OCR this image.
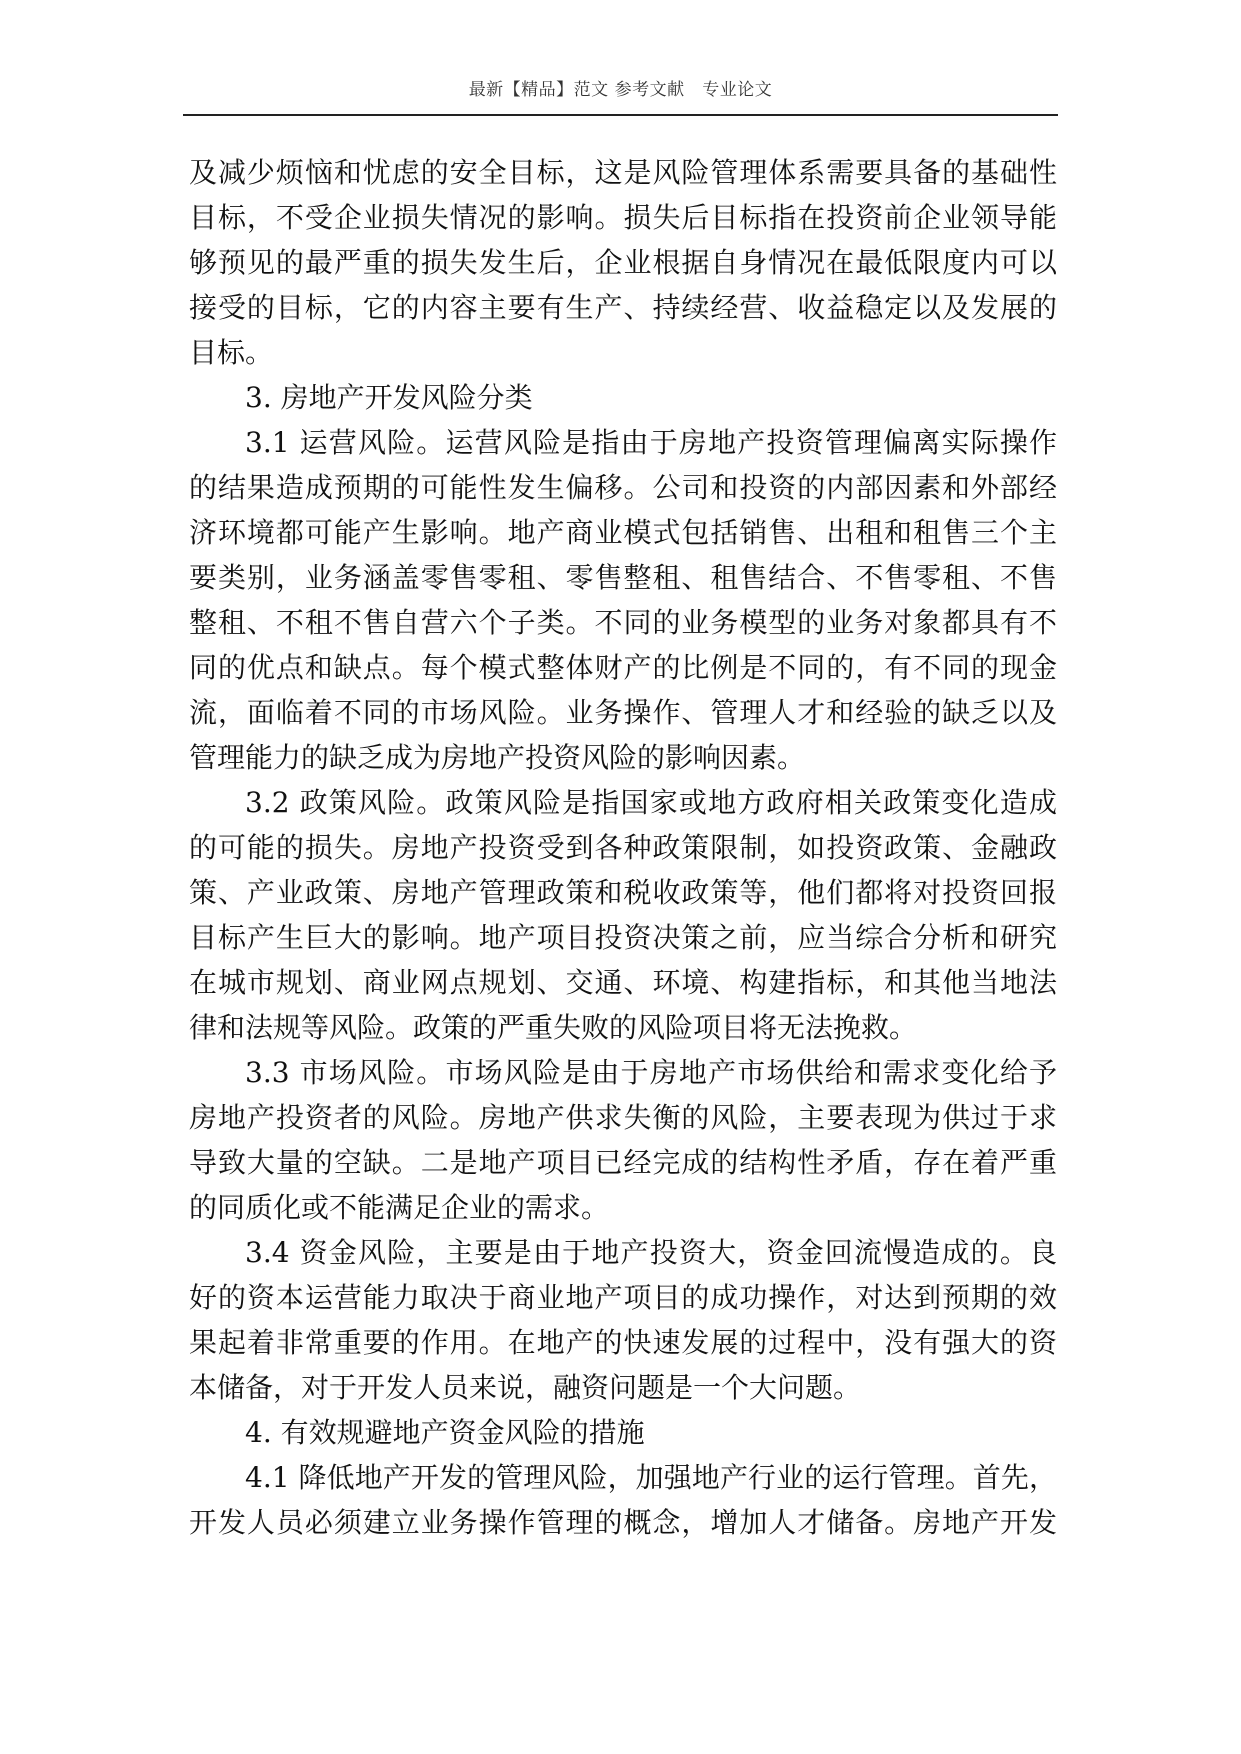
最新【精品】范文 参考文献   专业论文
及减少烦恼和忧虑的安全目标，这是风险管理体系需要具备的基础性
目标，不受企业损失情况的影响。损失后目标指在投资前企业领导能
够预见的最严重的损失发生后，企业根据自身情况在最低限度内可以
接受的目标，它的内容主要有生产、持续经营、收益稳定以及发展的
目标。
3. 房地产开发风险分类
3.1 运营风险。运营风险是指由于房地产投资管理偏离实际操作
的结果造成预期的可能性发生偏移。公司和投资的内部因素和外部经
济环境都可能产生影响。地产商业模式包括销售、出租和租售三个主
要类别，业务涵盖零售零租、零售整租、租售结合、不售零租、不售
整租、不租不售自营六个子类。不同的业务模型的业务对象都具有不
同的优点和缺点。每个模式整体财产的比例是不同的，有不同的现金
流，面临着不同的市场风险。业务操作、管理人才和经验的缺乏以及
管理能力的缺乏成为房地产投资风险的影响因素。
3.2 政策风险。政策风险是指国家或地方政府相关政策变化造成
的可能的损失。房地产投资受到各种政策限制，如投资政策、金融政
策、产业政策、房地产管理政策和税收政策等，他们都将对投资回报
目标产生巨大的影响。地产项目投资决策之前，应当综合分析和研究
在城市规划、商业网点规划、交通、环境、构建指标，和其他当地法
律和法规等风险。政策的严重失败的风险项目将无法挽救。
3.3 市场风险。市场风险是由于房地产市场供给和需求变化给予
房地产投资者的风险。房地产供求失衡的风险，主要表现为供过于求
导致大量的空缺。二是地产项目已经完成的结构性矛盾，存在着严重
的同质化或不能满足企业的需求。
3.4 资金风险，主要是由于地产投资大，资金回流慢造成的。良
好的资本运营能力取决于商业地产项目的成功操作，对达到预期的效
果起着非常重要的作用。在地产的快速发展的过程中，没有强大的资
本储备，对于开发人员来说，融资问题是一个大问题。
4. 有效规避地产资金风险的措施
4.1 降低地产开发的管理风险，加强地产行业的运行管理。首先，
开发人员必须建立业务操作管理的概念，增加人才储备。房地产开发
